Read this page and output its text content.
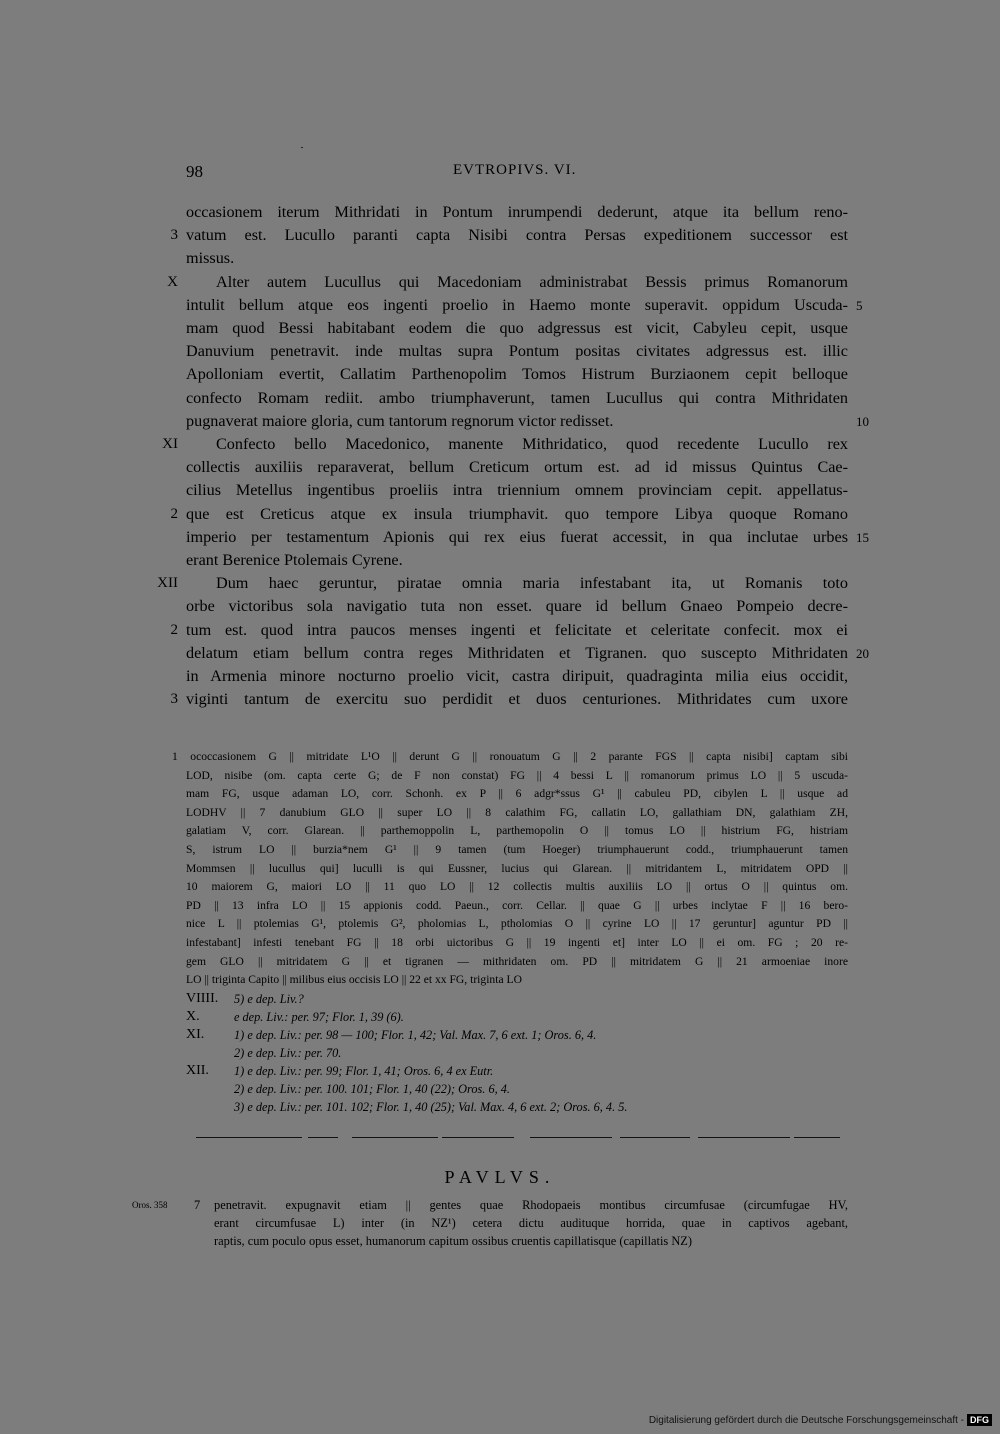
98	EVTROPIVS. VI.
occasionem iterum Mithridati in Pontum inrumpendi dederunt, atque ita bellum reno-
vatum est. Lucullo paranti capta Nisibi contra Persas expeditionem successor est
3
missus.
Alter autem Lucullus qui Macedoniam administrabat Bessis primus Romanorum
X
intulit bellum atque eos ingenti proelio in Haemo monte superavit. oppidum Uscuda- 5
mam quod Bessi habitabant eodem die quo adgressus est vicit, Cabyleu cepit, usque
Danuvium penetravit. inde multas supra Pontum positas civitates adgressus est. illic
Apolloniam evertit, Callatim Parthenopolim Tomos Histrum Burziaonem cepit belloque
confecto Romam rediit. ambo triumphaverunt, tamen Lucullus qui contra Mithridaten
pugnaverat maiore gloria, cum tantorum regnorum victor redisset.	10
Confecto bello Macedonico, manente Mithridatico, quod recedente Lucullo rex
XI
collectis auxiliis reparaverat, bellum Creticum ortum est. ad id missus Quintus Cae-
cilius Metellus ingentibus proeliis intra triennium omnem provinciam cepit. appellatus-
que est Creticus atque ex insula triumphavit. quo tempore Libya quoque Romano
2
imperio per testamentum Apionis qui rex eius fuerat accessit, in qua inclutae urbes 15
erant Berenice Ptolemais Cyrene.
Dum haec geruntur, piratae omnia maria infestabant ita, ut Romanis toto
XII
orbe victoribus sola navigatio tuta non esset. quare id bellum Gnaeo Pompeio decre-
tum est. quod intra paucos menses ingenti et felicitate et celeritate confecit. mox ei
2
delatum etiam bellum contra reges Mithridaten et Tigranen. quo suscepto Mithridaten 20
in Armenia minore nocturno proelio vicit, castra diripuit, quadraginta milia eius occidit,
viginti tantum de exercitu suo perdidit et duos centuriones. Mithridates cum uxore
3
1 ococcasionem G || mitridate L¹O || derunt G || ronouatum G || 2 parante FGS || capta nisibi] captam sibi
LOD, nisibe (om. capta certe G; de F non constat) FG || 4 bessi L || romanorum primus LO || 5 uscuda-
mam FG, usque adaman LO, corr. Schonh. ex P || 6 adgr*ssus G¹ || cabuleu PD, cibylen L || usque ad
LODHV || 7 danubium GLO || super LO || 8 calathim FG, callatin LO, gallathiam DN, galathiam ZH,
galatiam V, corr. Glarean. || parthemoppolin L, parthemopolin O || tomus LO || histrium FG, histriam
S, istrum LO || burzia*nem G¹ || 9 tamen (tum Hoeger) triumphauerunt codd., triumphauerunt tamen
Mommsen || lucullus qui] luculli is qui Eussner, lucius qui Glarean. || mitridantem L, mitridatem OPD ||
10 maiorem G, maiori LO || 11 quo LO || 12 collectis multis auxiliis LO || ortus O || quintus om.
PD || 13 infra LO || 15 appionis codd. Paeun., corr. Cellar. || quae G || urbes inclytae F || 16 bero-
nice L || ptolemias G¹, ptolemis G², pholomias L, ptholomias O || cyrine LO || 17 geruntur] aguntur PD ||
infestabant] infesti tenebant FG || 18 orbi uictoribus G || 19 ingenti et] inter LO || ei om. FG ; 20 re-
gem GLO || mitridatem G || et tigranen — mithridaten om. PD || mitridatem G || 21 armoeniae inore
LO || triginta Capito || milibus eius occisis LO || 22 et xx FG, triginta LO
VIIII. 5) e dep. Liv.?
X.	e dep. Liv.: per. 97; Flor. 1, 39 (6).
XI. 1) e dep. Liv.: per. 98 — 100; Flor. 1, 42; Val. Max. 7, 6 ext. 1; Oros. 6, 4.
2) e dep. Liv.: per. 70.
XII. 1) e dep. Liv.: per. 99; Flor. 1, 41; Oros. 6, 4 ex Eutr.
2) e dep. Liv.: per. 100. 101; Flor. 1, 40 (22); Oros. 6, 4.
3) e dep. Liv.: per. 101. 102; Flor. 1, 40 (25); Val. Max. 4, 6 ext. 2; Oros. 6, 4. 5.
PAVLVS.
Oros. 358 7 penetravit. expugnavit etiam || gentes quae Rhodopaeis montibus circumfusae (circumfugae HV,
erant circumfusae L) inter (in NZ¹) cetera dictu audituque horrida, quae in captivos agebant,
raptis, cum poculo opus esset, humanorum capitum ossibus cruentis capillatisque (capillatis NZ)
Digitalisierung gefördert durch die Deutsche Forschungsgemeinschaft - DFG
